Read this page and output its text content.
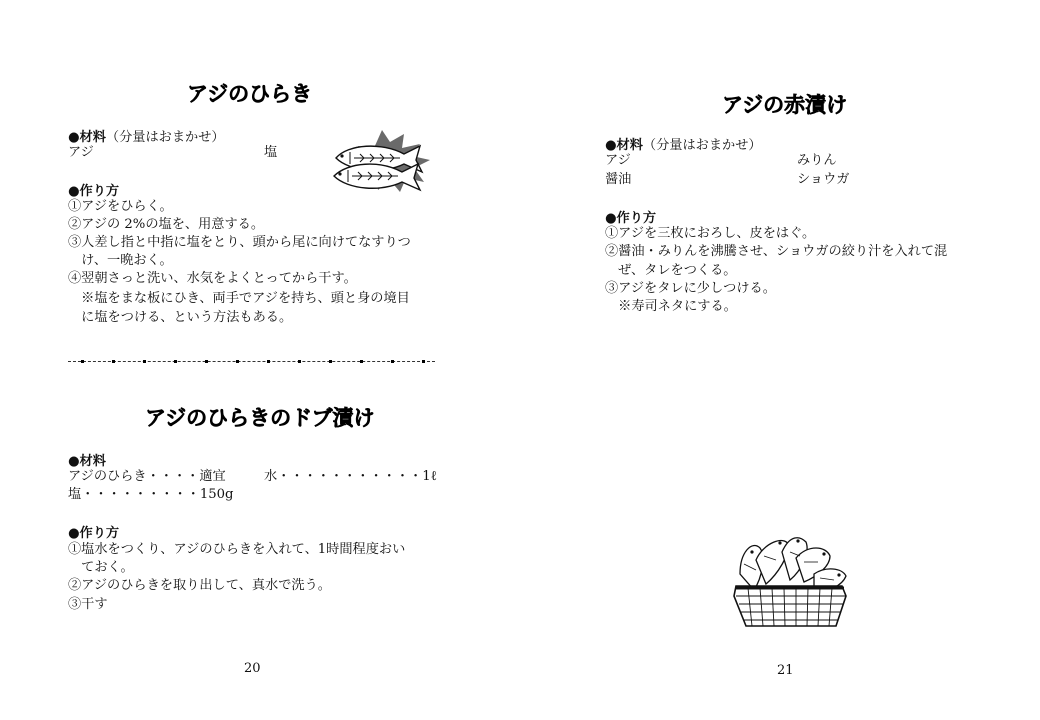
アジのひらき
●材料（分量はおまかせ）
アジ	塩
●作り方
①アジをひらく。
②アジの 2%の塩を、用意する。
③人差し指と中指に塩をとり、頭から尾に向けてなすりつ
　け、一晩おく。
④翌朝さっと洗い、水気をよくとってから干す。
　※塩をまな板にひき、両手でアジを持ち、頭と身の境目
　に塩をつける、という方法もある。
アジのひらきのドブ漬け
●材料
アジのひらき・・・・適宜	水・・・・・・・・・・・1ℓ
塩・・・・・・・・・150g
●作り方
①塩水をつくり、アジのひらきを入れて、1時間程度おい
　ておく。
②アジのひらきを取り出して、真水で洗う。
③干す
20
アジの赤漬け
●材料（分量はおまかせ）
アジ	みりん
醤油	ショウガ
●作り方
①アジを三枚におろし、皮をはぐ。
②醤油・みりんを沸騰させ、ショウガの絞り汁を入れて混
　ぜ、タレをつくる。
③アジをタレに少しつける。
　※寿司ネタにする。
21
